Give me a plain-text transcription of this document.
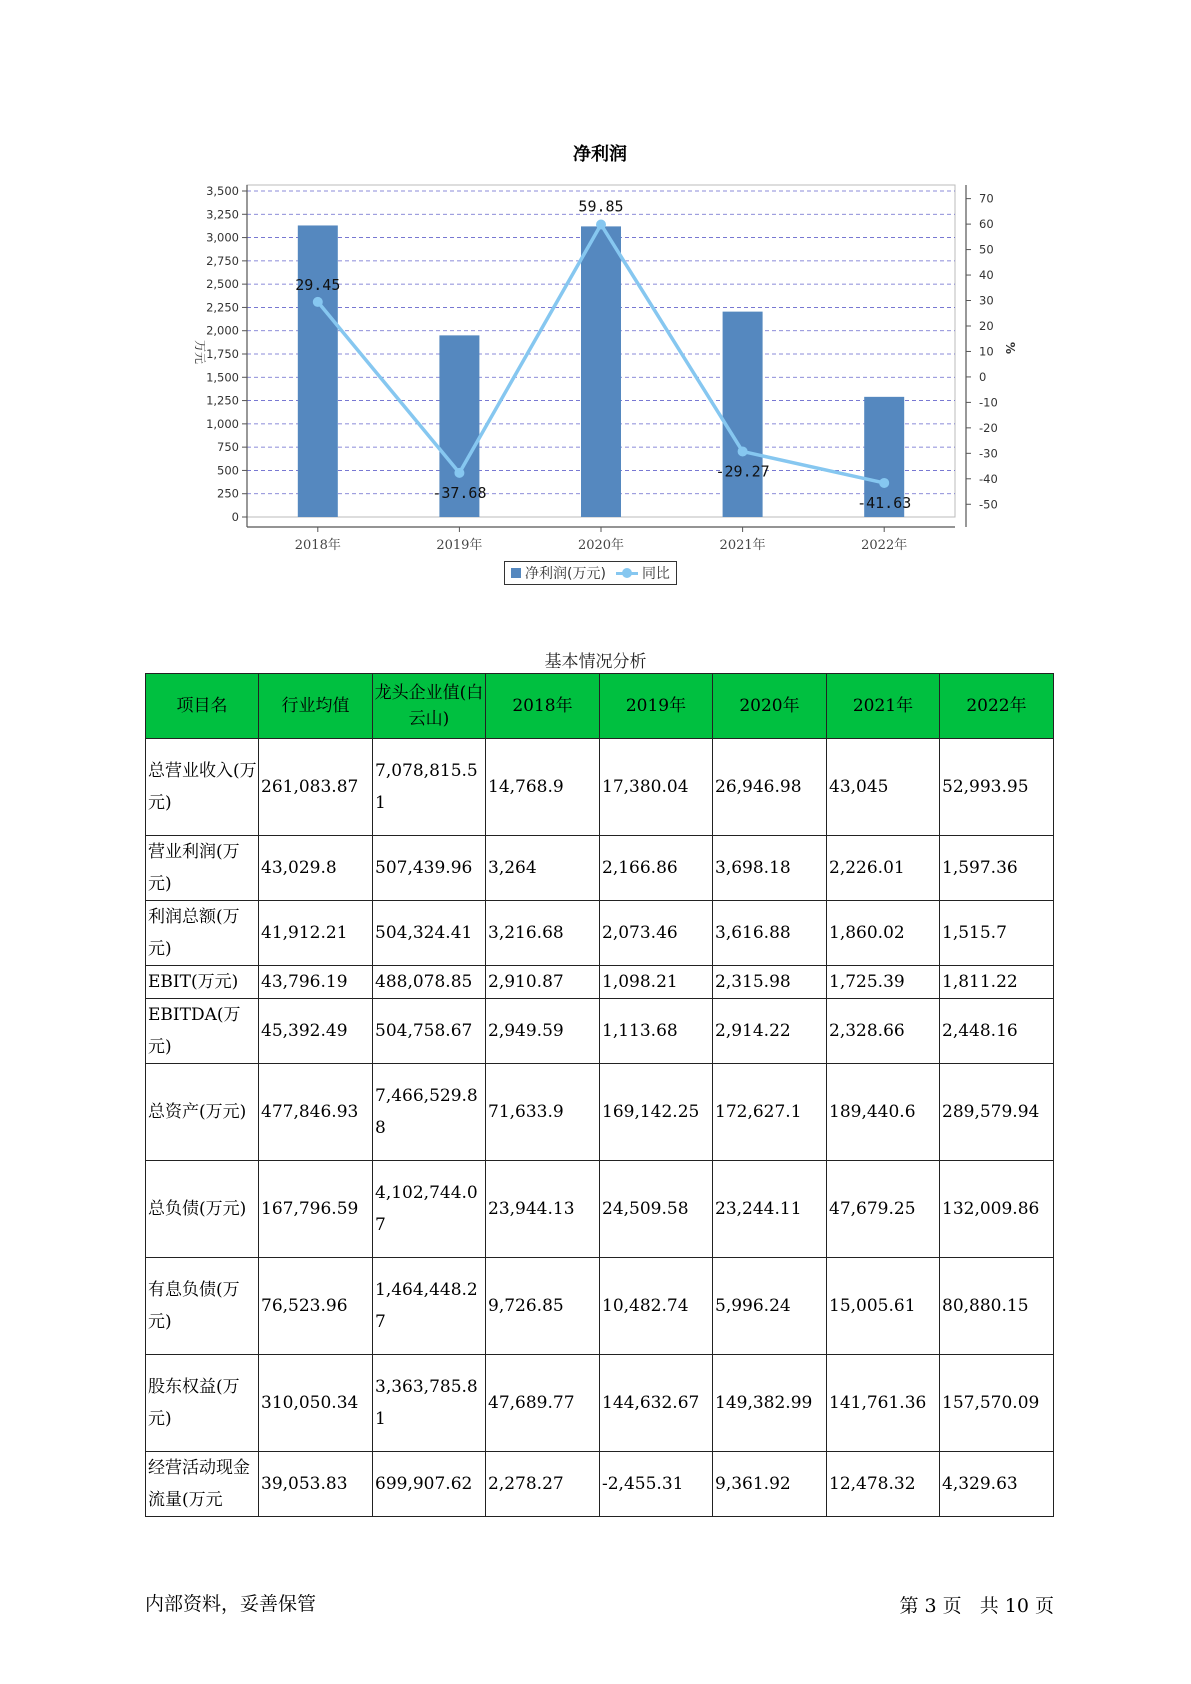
净利润
0
250
500
750
1,000
1,250
1,500
1,750
2,000
2,250
2,500
2,750
3,000
3,250
3,500
-50
-40
-30
-20
-10
0
10
20
30
40
50
60
70
2018年	2019年	2020年	2021年	2022年
29.45
-37.68
59.85
-29.27
-41.63
万元	%
净利润(万元)	同比
基本情况分析
项目名	行业均值	龙头企业值(白云山)	2018年	2019年	2020年	2021年	2022年
总营业收入(万元)	261,083.87	7,078,815.51	14,768.9	17,380.04	26,946.98	43,045	52,993.95
营业利润(万元)	43,029.8	507,439.96	3,264	2,166.86	3,698.18	2,226.01	1,597.36
利润总额(万元)	41,912.21	504,324.41	3,216.68	2,073.46	3,616.88	1,860.02	1,515.7
EBIT(万元)	43,796.19	488,078.85	2,910.87	1,098.21	2,315.98	1,725.39	1,811.22
EBITDA(万元)	45,392.49	504,758.67	2,949.59	1,113.68	2,914.22	2,328.66	2,448.16
总资产(万元)	477,846.93	7,466,529.88	71,633.9	169,142.25	172,627.1	189,440.6	289,579.94
总负债(万元)	167,796.59	4,102,744.07	23,944.13	24,509.58	23,244.11	47,679.25	132,009.86
有息负债(万元)	76,523.96	1,464,448.27	9,726.85	10,482.74	5,996.24	15,005.61	80,880.15
股东权益(万元)	310,050.34	3,363,785.81	47,689.77	144,632.67	149,382.99	141,761.36	157,570.09
经营活动现金流量(万元	39,053.83	699,907.62	2,278.27	-2,455.31	9,361.92	12,478.32	4,329.63
内部资料，妥善保管	第 3 页   共 10 页
